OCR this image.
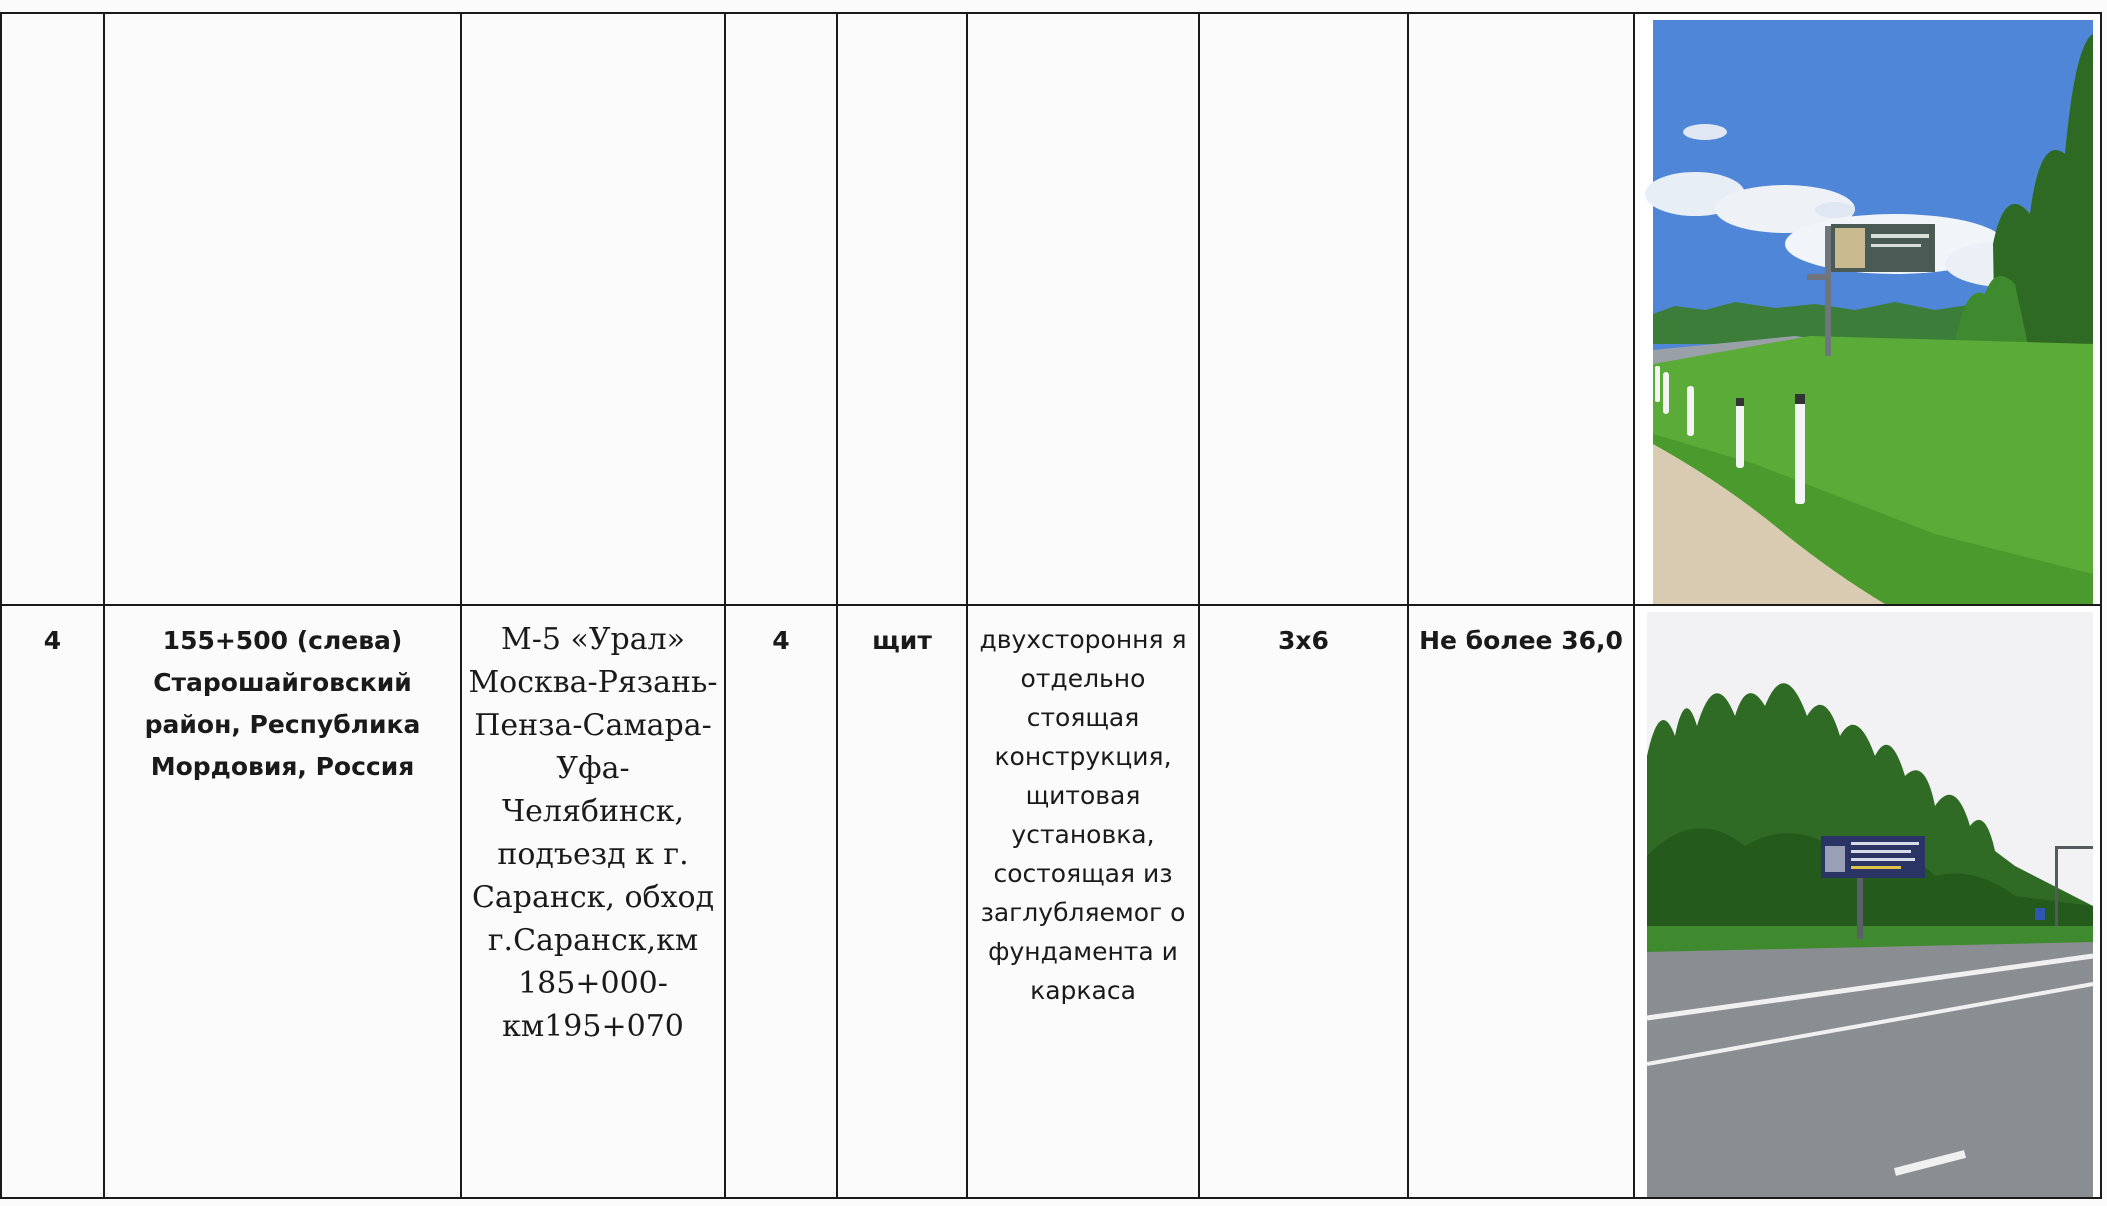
4	155+500 (слева) Старошайговский район, Республика Мордовия, Россия	М-5 «Урал» Москва-Рязань-Пенза-Самара-Уфа-Челябинск, подъезд к г. Саранск, обход г.Саранск,км 185+000-км195+070	4	щит	двухстороння я отдельно стоящая конструкция, щитовая установка, состоящая из заглубляемог о фундамента и каркаса	3х6	Не более 36,0
